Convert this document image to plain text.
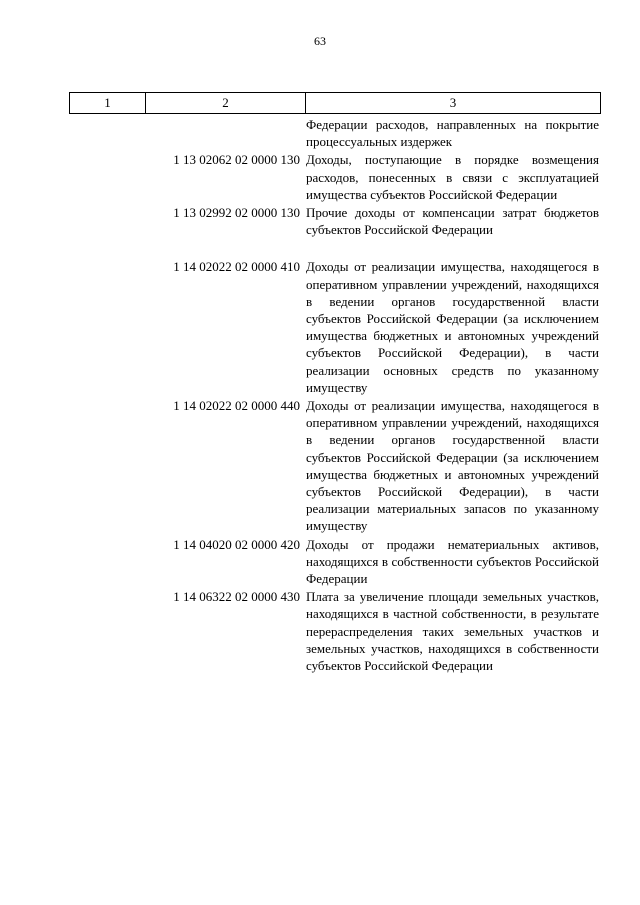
63
1	2	3
Федерации расходов, направленных на покрытие процессуальных издержек
1 13 02062 02 0000 130 Доходы, поступающие в порядке возмещения расходов, понесенных в связи с эксплуатацией имущества субъектов Российской Федерации
1 13 02992 02 0000 130 Прочие доходы от компенсации затрат бюджетов субъектов Российской Федерации
1 14 02022 02 0000 410 Доходы от реализации имущества, находящегося в оперативном управлении учреждений, находящихся в ведении органов государственной власти субъектов Российской Федерации (за исключением имущества бюджетных и автономных учреждений субъектов Российской Федерации), в части реализации основных средств по указанному имуществу
1 14 02022 02 0000 440 Доходы от реализации имущества, находящегося в оперативном управлении учреждений, находящихся в ведении органов государственной власти субъектов Российской Федерации (за исключением имущества бюджетных и автономных учреждений субъектов Российской Федерации), в части реализации материальных запасов по указанному имуществу
1 14 04020 02 0000 420 Доходы от продажи нематериальных активов, находящихся в собственности субъектов Российской Федерации
1 14 06322 02 0000 430 Плата за увеличение площади земельных участков, находящихся в частной собственности, в результате перераспределения таких земельных участков и земельных участков, находящихся в собственности субъектов Российской Федерации
